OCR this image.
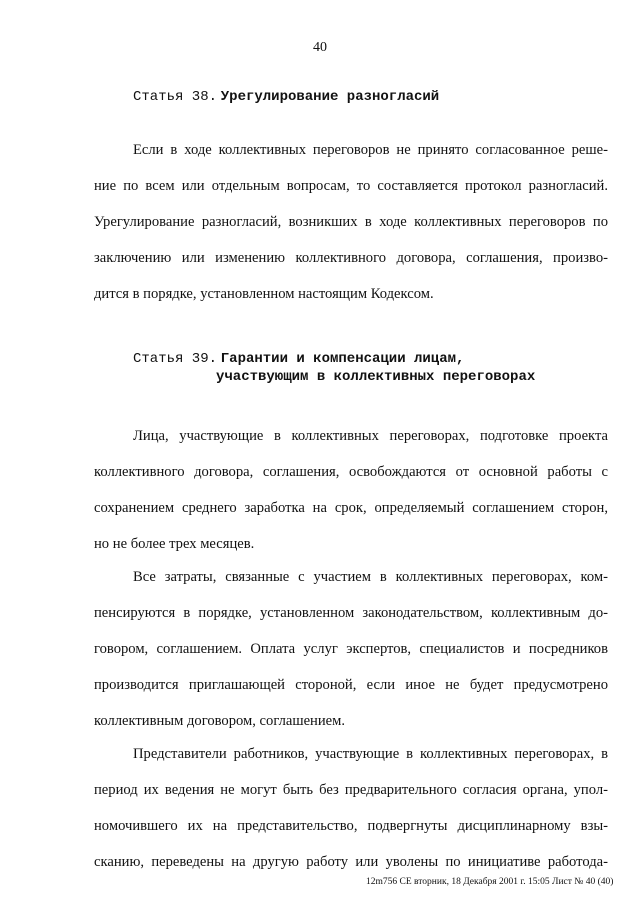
40
Статья 38. Урегулирование разногласий
Если в ходе коллективных переговоров не принято согласованное реше-
ние по всем или отдельным вопросам, то составляется протокол разногласий.
Урегулирование разногласий, возникших в ходе коллективных переговоров по
заключению или изменению коллективного договора, соглашения, произво-
дится в порядке, установленном настоящим Кодексом.
Статья 39. Гарантии и компенсации лицам,
участвующим в коллективных переговорах
Лица, участвующие в коллективных переговорах, подготовке проекта
коллективного договора, соглашения, освобождаются от основной работы с
сохранением среднего заработка на срок, определяемый соглашением сторон,
но не более трех месяцев.
Все затраты, связанные с участием в коллективных переговорах, ком-
пенсируются в порядке, установленном законодательством, коллективным до-
говором, соглашением. Оплата услуг экспертов, специалистов и посредников
производится приглашающей стороной, если иное не будет предусмотрено
коллективным договором, соглашением.
Представители работников, участвующие в коллективных переговорах, в
период их ведения не могут быть без предварительного согласия органа, упол-
номочившего их на представительство, подвергнуты дисциплинарному взы-
сканию, переведены на другую работу или уволены по инициативе работода-
12m756 СЕ вторник, 18 Декабря 2001 г. 15:05 Лист № 40 (40)
